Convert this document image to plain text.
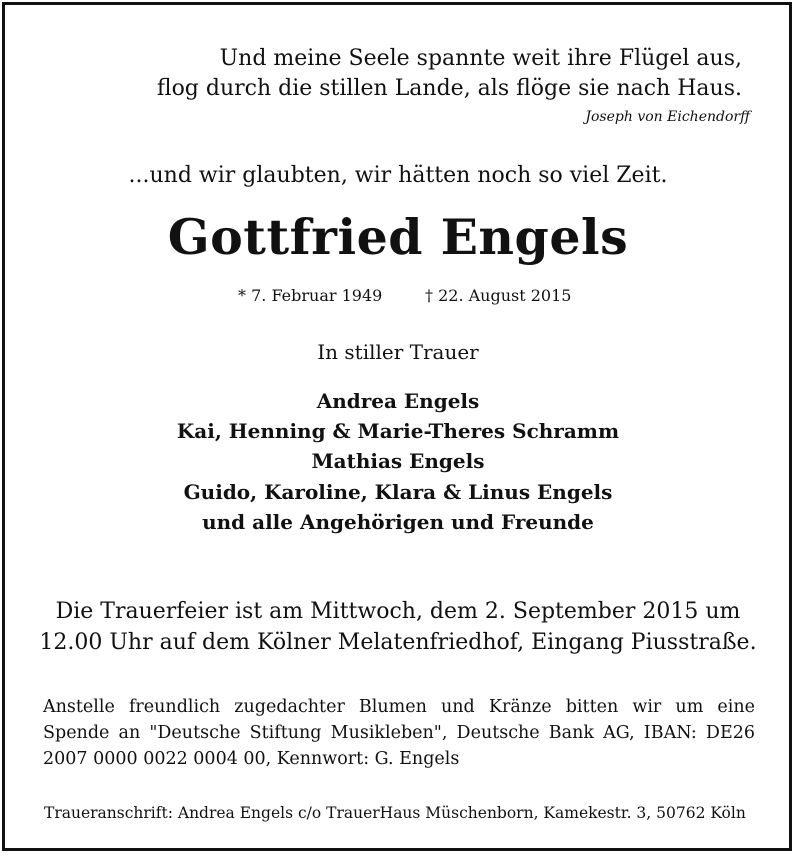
Und meine Seele spannte weit ihre Flügel aus,
flog durch die stillen Lande, als flöge sie nach Haus.
Joseph von Eichendorff
...und wir glaubten, wir hätten noch so viel Zeit.
Gottfried Engels
* 7. Februar 1949	† 22. August 2015
In stiller Trauer
Andrea Engels
Kai, Henning & Marie-Theres Schramm
Mathias Engels
Guido, Karoline, Klara & Linus Engels
und alle Angehörigen und Freunde
Die Trauerfeier ist am Mittwoch, dem 2. September 2015 um
12.00 Uhr auf dem Kölner Melatenfriedhof, Eingang Piusstraße.
Anstelle freundlich zugedachter Blumen und Kränze bitten wir um eine
Spende an "Deutsche Stiftung Musikleben", Deutsche Bank AG, IBAN: DE26
2007 0000 0022 0004 00, Kennwort: G. Engels
Traueranschrift: Andrea Engels c/o TrauerHaus Müschenborn, Kamekestr. 3, 50762 Köln
